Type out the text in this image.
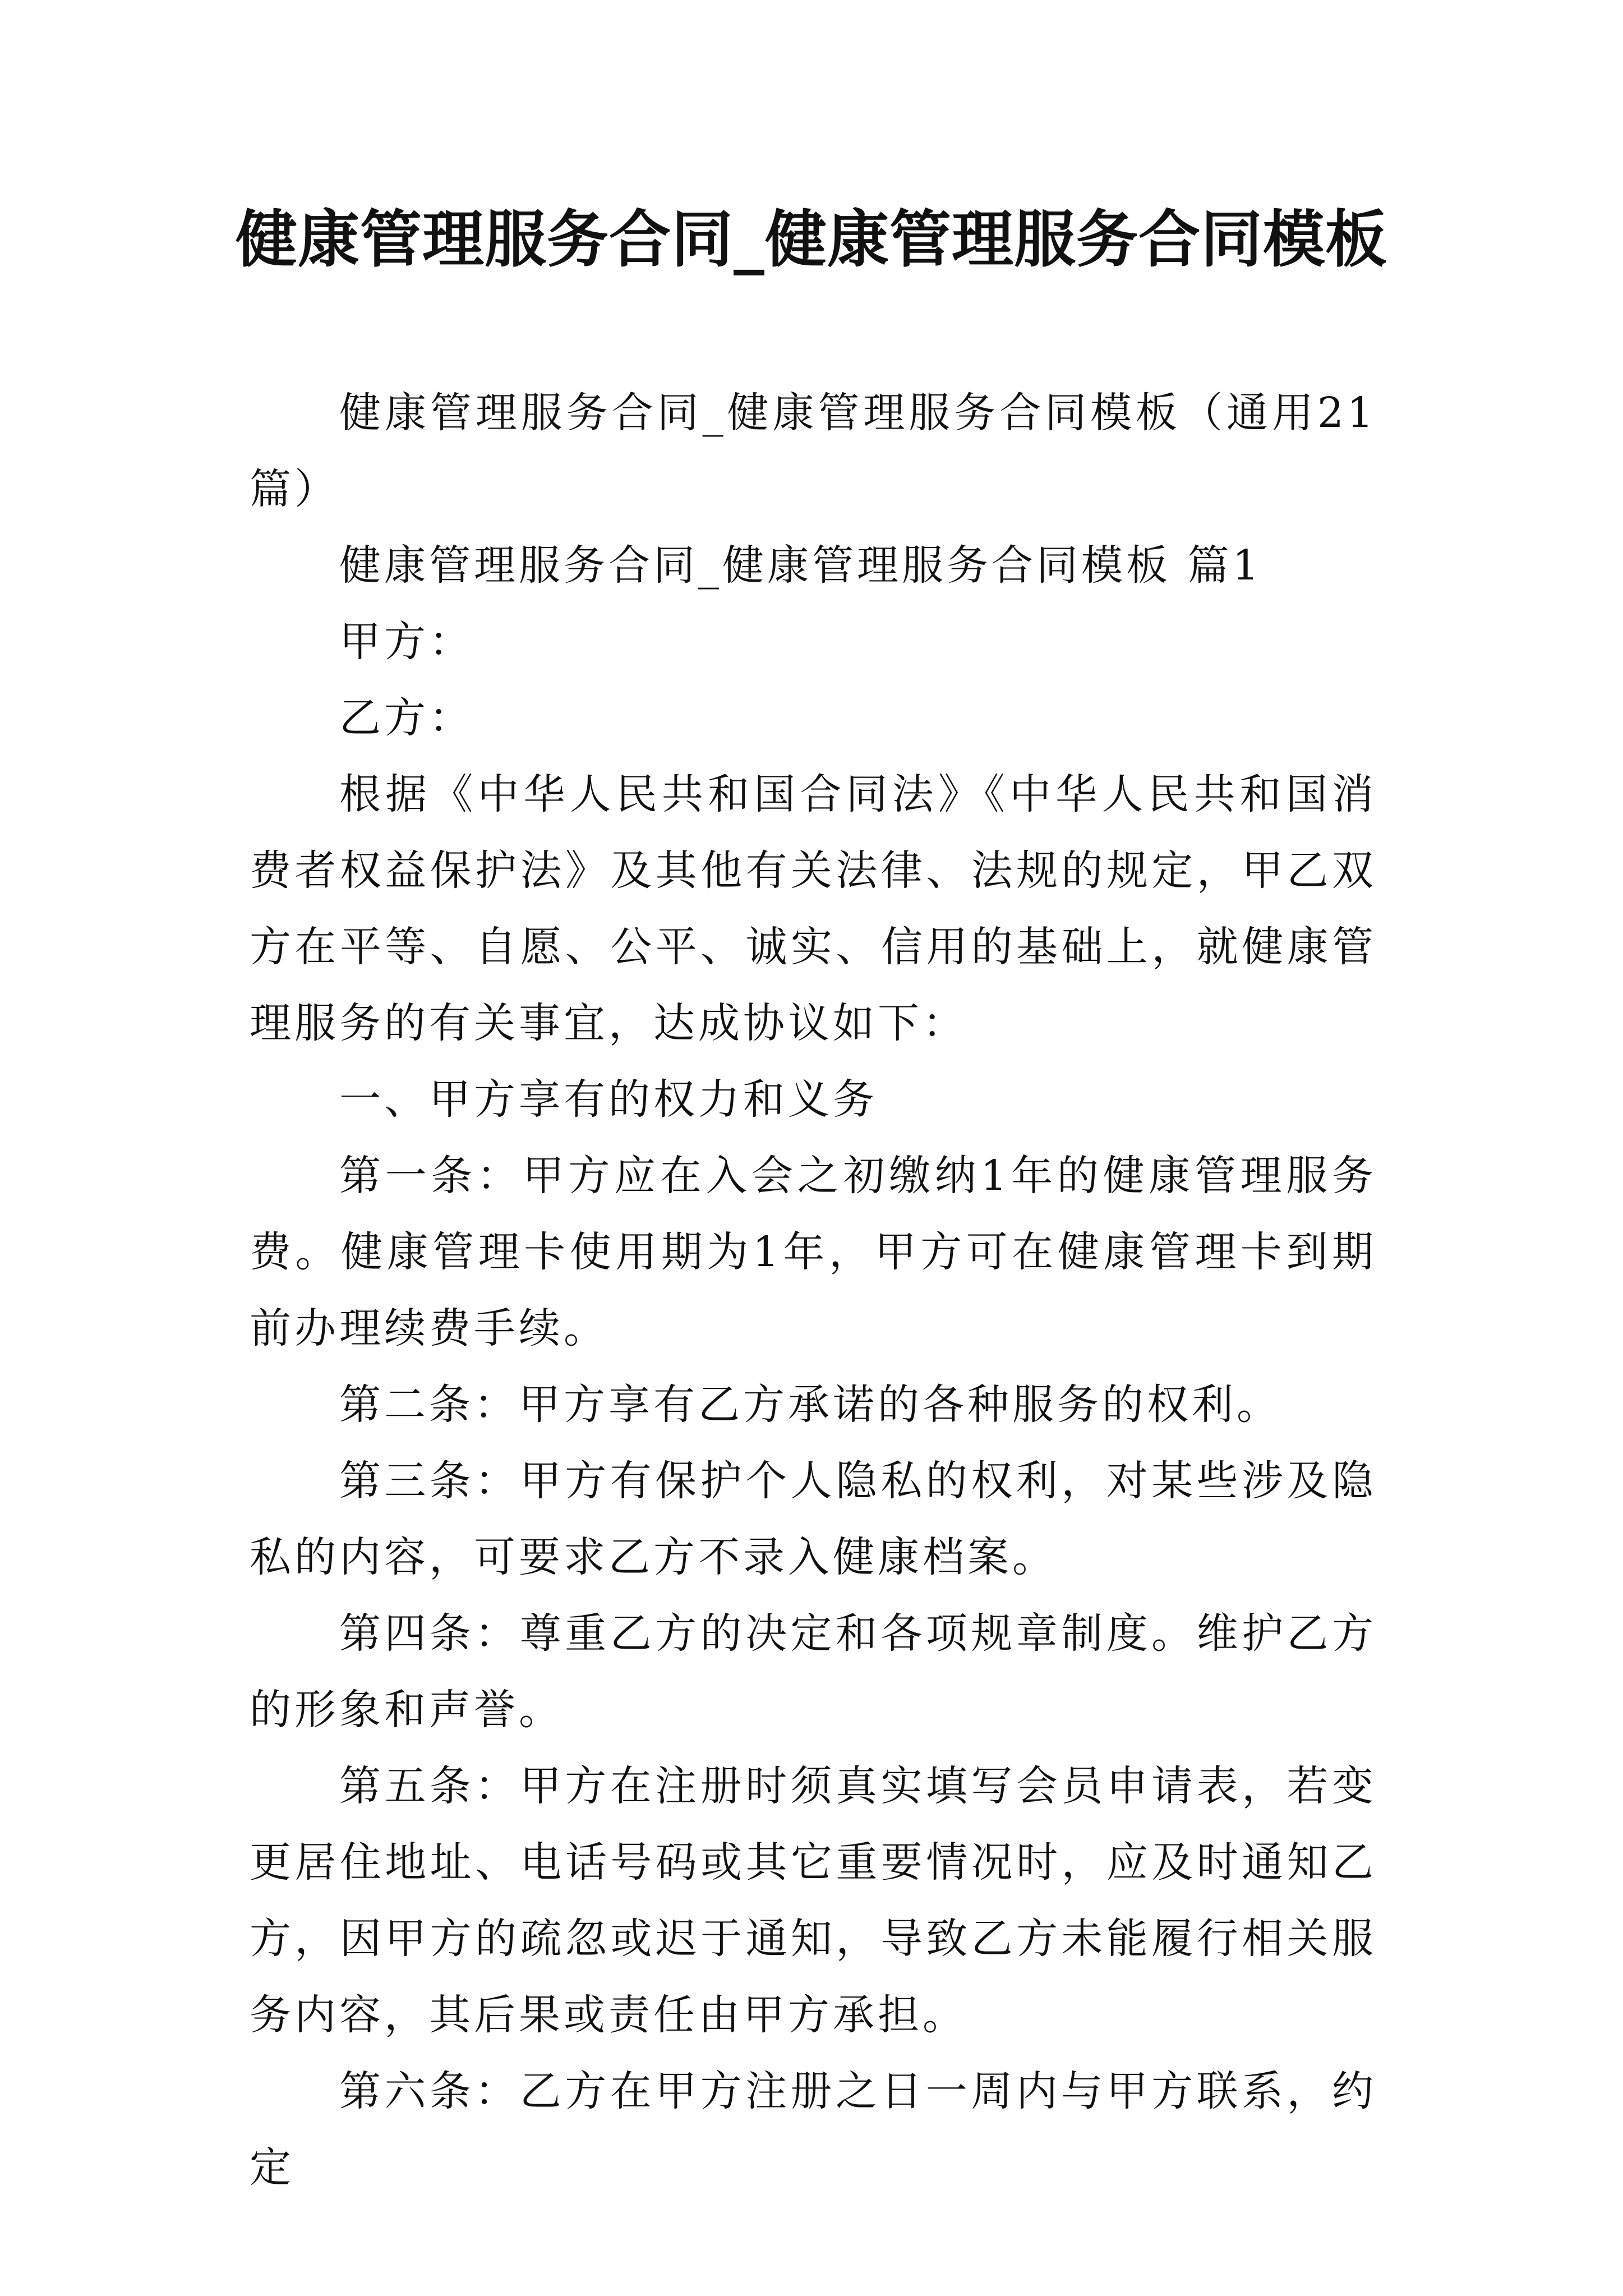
健康管理服务合同_健康管理服务合同模板

健康管理服务合同_健康管理服务合同模板（通用21篇）

健康管理服务合同_健康管理服务合同模板 篇1

甲方：

乙方：

根据《中华人民共和国合同法》《中华人民共和国消费者权益保护法》及其他有关法律、法规的规定，甲乙双方在平等、自愿、公平、诚实、信用的基础上，就健康管理服务的有关事宜，达成协议如下：

一、甲方享有的权力和义务

第一条：甲方应在入会之初缴纳1年的健康管理服务费。健康管理卡使用期为1年，甲方可在健康管理卡到期前办理续费手续。

第二条：甲方享有乙方承诺的各种服务的权利。

第三条：甲方有保护个人隐私的权利，对某些涉及隐私的内容，可要求乙方不录入健康档案。

第四条：尊重乙方的决定和各项规章制度。维护乙方的形象和声誉。

第五条：甲方在注册时须真实填写会员申请表，若变更居住地址、电话号码或其它重要情况时，应及时通知乙方，因甲方的疏忽或迟于通知，导致乙方未能履行相关服务内容，其后果或责任由甲方承担。

第六条：乙方在甲方注册之日一周内与甲方联系，约定
